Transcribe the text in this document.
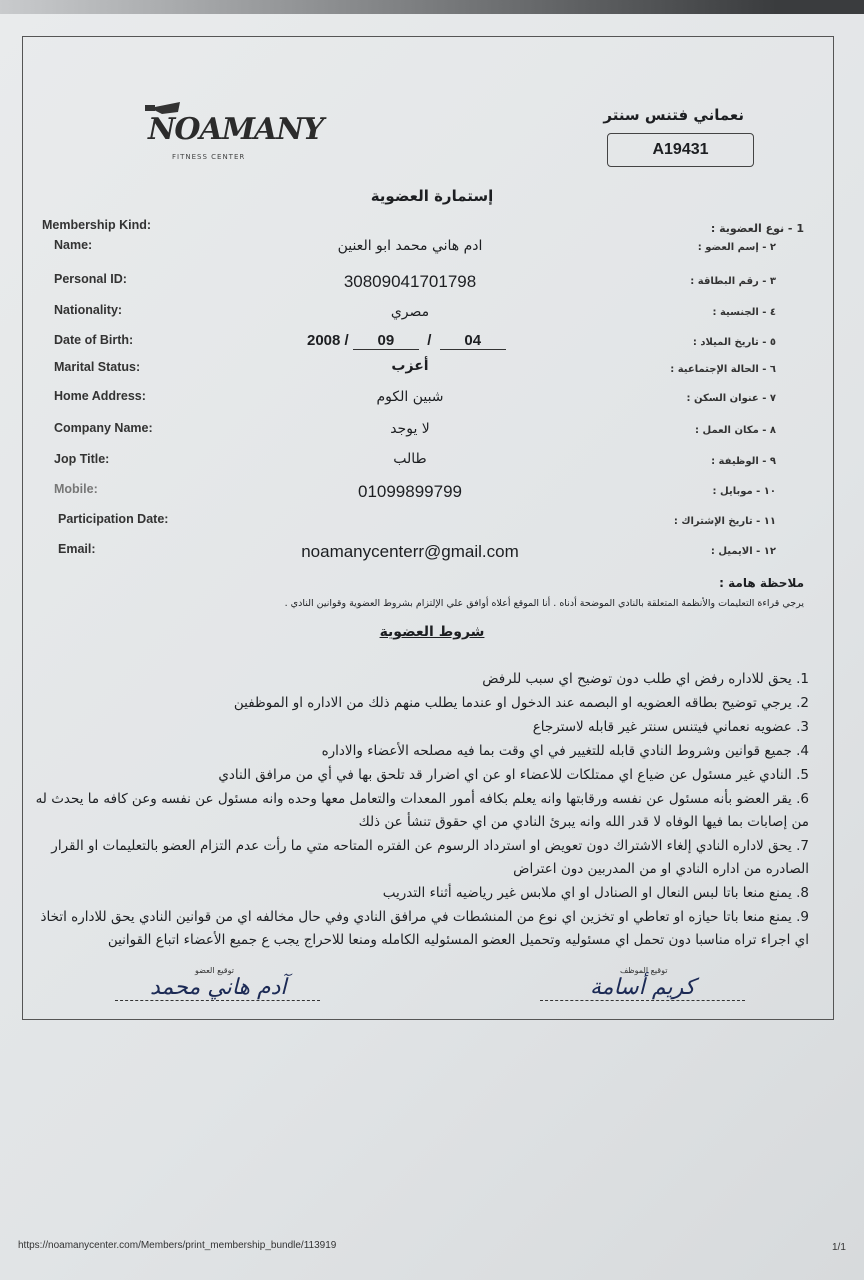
NOAMANY
FITNESS CENTER
نعماني فتنس سنتر
A19431
إستمارة العضوية
Membership Kind:	1 - نوع العضوية :
Name:	٢ - إسم العضو :
ادم هاني محمد ابو العنين
Personal ID:	٣ - رقم البطاقة :
30809041701798
Nationality:	٤ - الجنسية :
مصري
Date of Birth:	٥ - تاريخ الميلاد :
2008 / 09 / 04
Marital Status:	٦ - الحالة الإجتماعية :
أعزب
Home Address:	٧ - عنوان السكن :
شبين الكوم
Company Name:	٨ - مكان العمل :
لا يوجد
Jop Title:	٩ - الوظيفة :
طالب
Mobile:	١٠ - موبايل :
01099899799
Participation Date:	١١ - تاريخ الإشتراك :
Email:	١٢ - الايميل :
noamanycenterr@gmail.com
ملاحظة هامة :
يرجي قراءة التعليمات والأنظمة المتعلقة بالنادي الموضحة أدناه . أنا الموقع أعلاه أوافق علي الإلتزام بشروط العضوية وقوانين النادي .
شروط العضوية
1. يحق للاداره رفض اي طلب دون توضيح اي سبب للرفض
2. يرجي توضيح بطاقه العضويه او البصمه عند الدخول او عندما يطلب منهم ذلك من الاداره او الموظفين
3. عضويه نعماني فيتنس سنتر غير قابله لاسترجاع
4. جميع قوانين وشروط النادي قابله للتغيير في اي وقت بما فيه مصلحه الأعضاء والاداره
5. النادي غير مسئول عن ضياع اي ممتلكات للاعضاء او عن اي اضرار قد تلحق بها في أي من مرافق النادي
6. يقر العضو بأنه مسئول عن نفسه ورقابتها وانه يعلم بكافه أمور المعدات والتعامل معها وحده وانه مسئول عن نفسه وعن كافه ما يحدث له من إصابات بما فيها الوفاه لا قدر الله وانه يبرئ النادي من اي حقوق تنشأ عن ذلك
7. يحق لاداره النادي إلغاء الاشتراك دون تعويض او استرداد الرسوم عن الفتره المتاحه متي ما رأت عدم التزام العضو بالتعليمات او القرار الصادره من اداره النادي او من المدربين دون اعتراض
8. يمنع منعا باتا لبس النعال او الصنادل او اي ملابس غير رياضيه أثناء التدريب
9. يمنع منعا باتا حيازه او تعاطي او تخزين اي نوع من المنشطات في مرافق النادي وفي حال مخالفه اي من قوانين النادي يحق للاداره اتخاذ اي اجراء تراه مناسبا دون تحمل اي مسئوليه وتحميل العضو المسئوليه الكامله ومنعا للاحراج يجب ع جميع الأعضاء اتباع القوانين
توقيع العضو
آدم هاني محمد
توقيع الموظف
كريم أسامة
https://noamanycenter.com/Members/print_membership_bundle/113919	1/1
